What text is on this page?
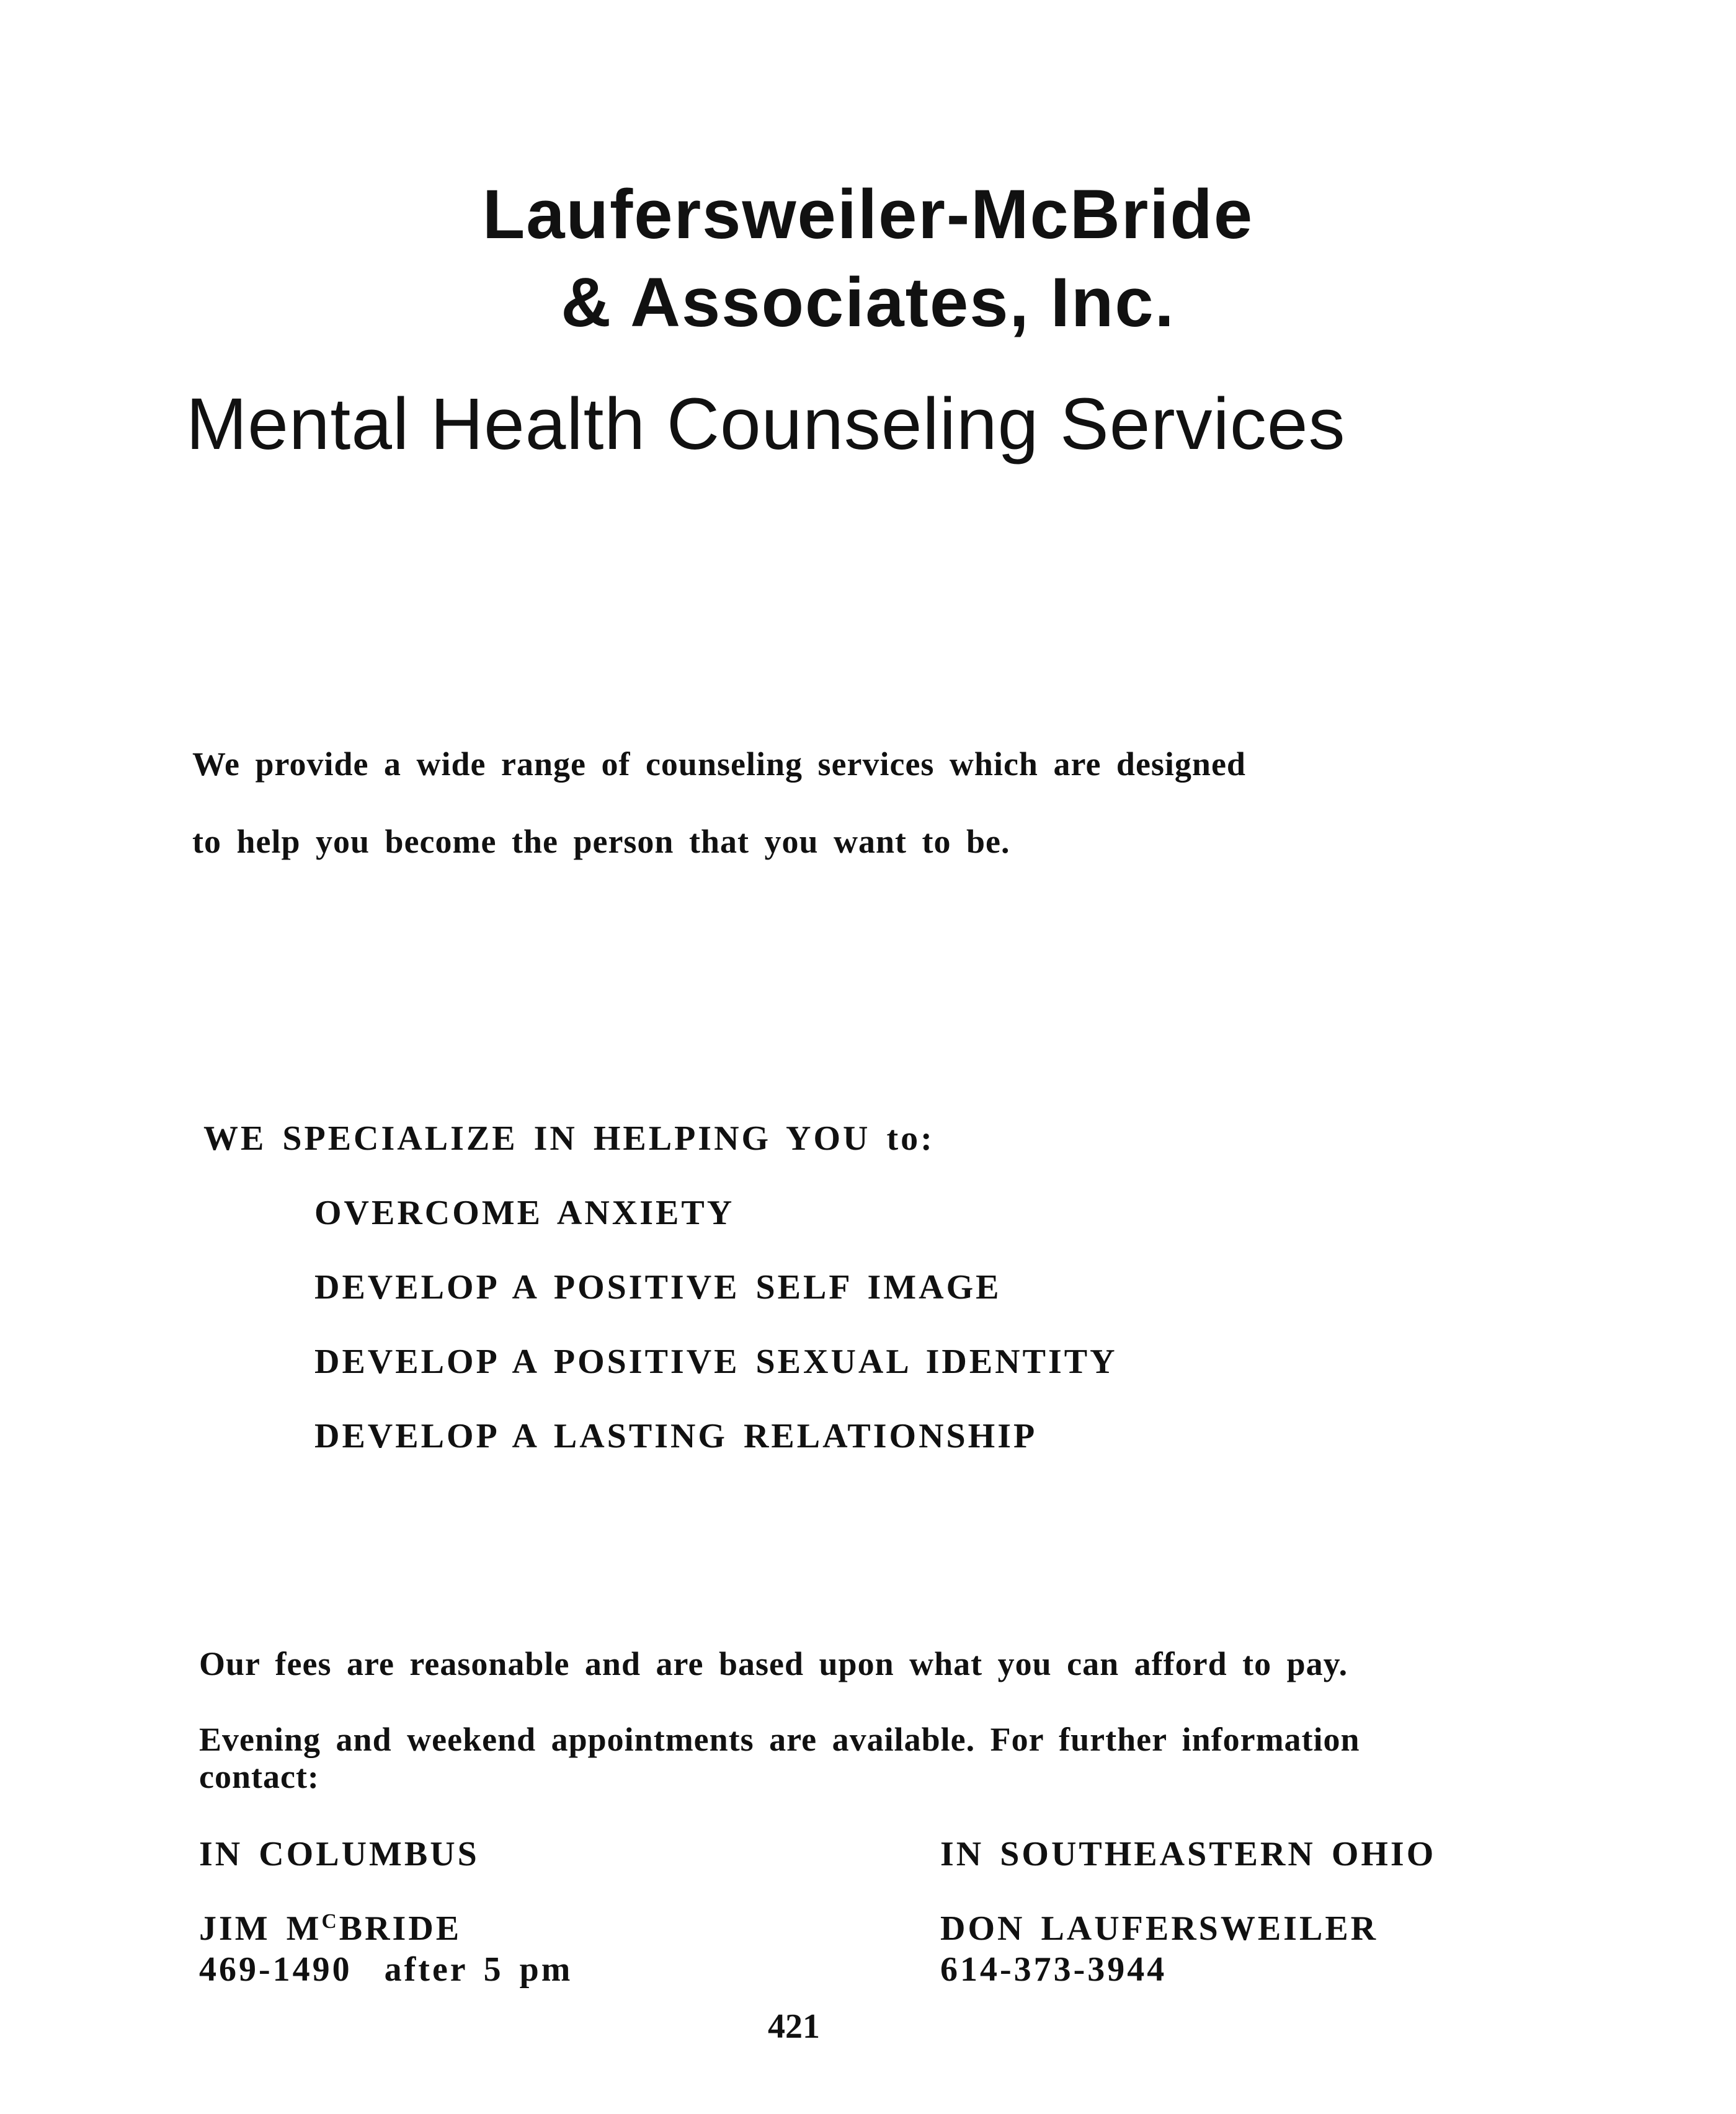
Laufersweiler-McBride
& Associates, Inc.
Mental Health Counseling Services
We provide a wide range of counseling services which are designed
to help you become the person that you want to be.
WE SPECIALIZE IN HELPING YOU to:
OVERCOME ANXIETY
DEVELOP A POSITIVE SELF IMAGE
DEVELOP A POSITIVE SEXUAL IDENTITY
DEVELOP A LASTING RELATIONSHIP
Our fees are reasonable and are based upon what you can afford to pay.
Evening and weekend appointments are available. For further information
contact:
IN COLUMBUS
JIM $M^CBRIDE$
469-1490  after 5 pm
IN SOUTHEASTERN OHIO
DON LAUFERSWEILER
614-373-3944
421
